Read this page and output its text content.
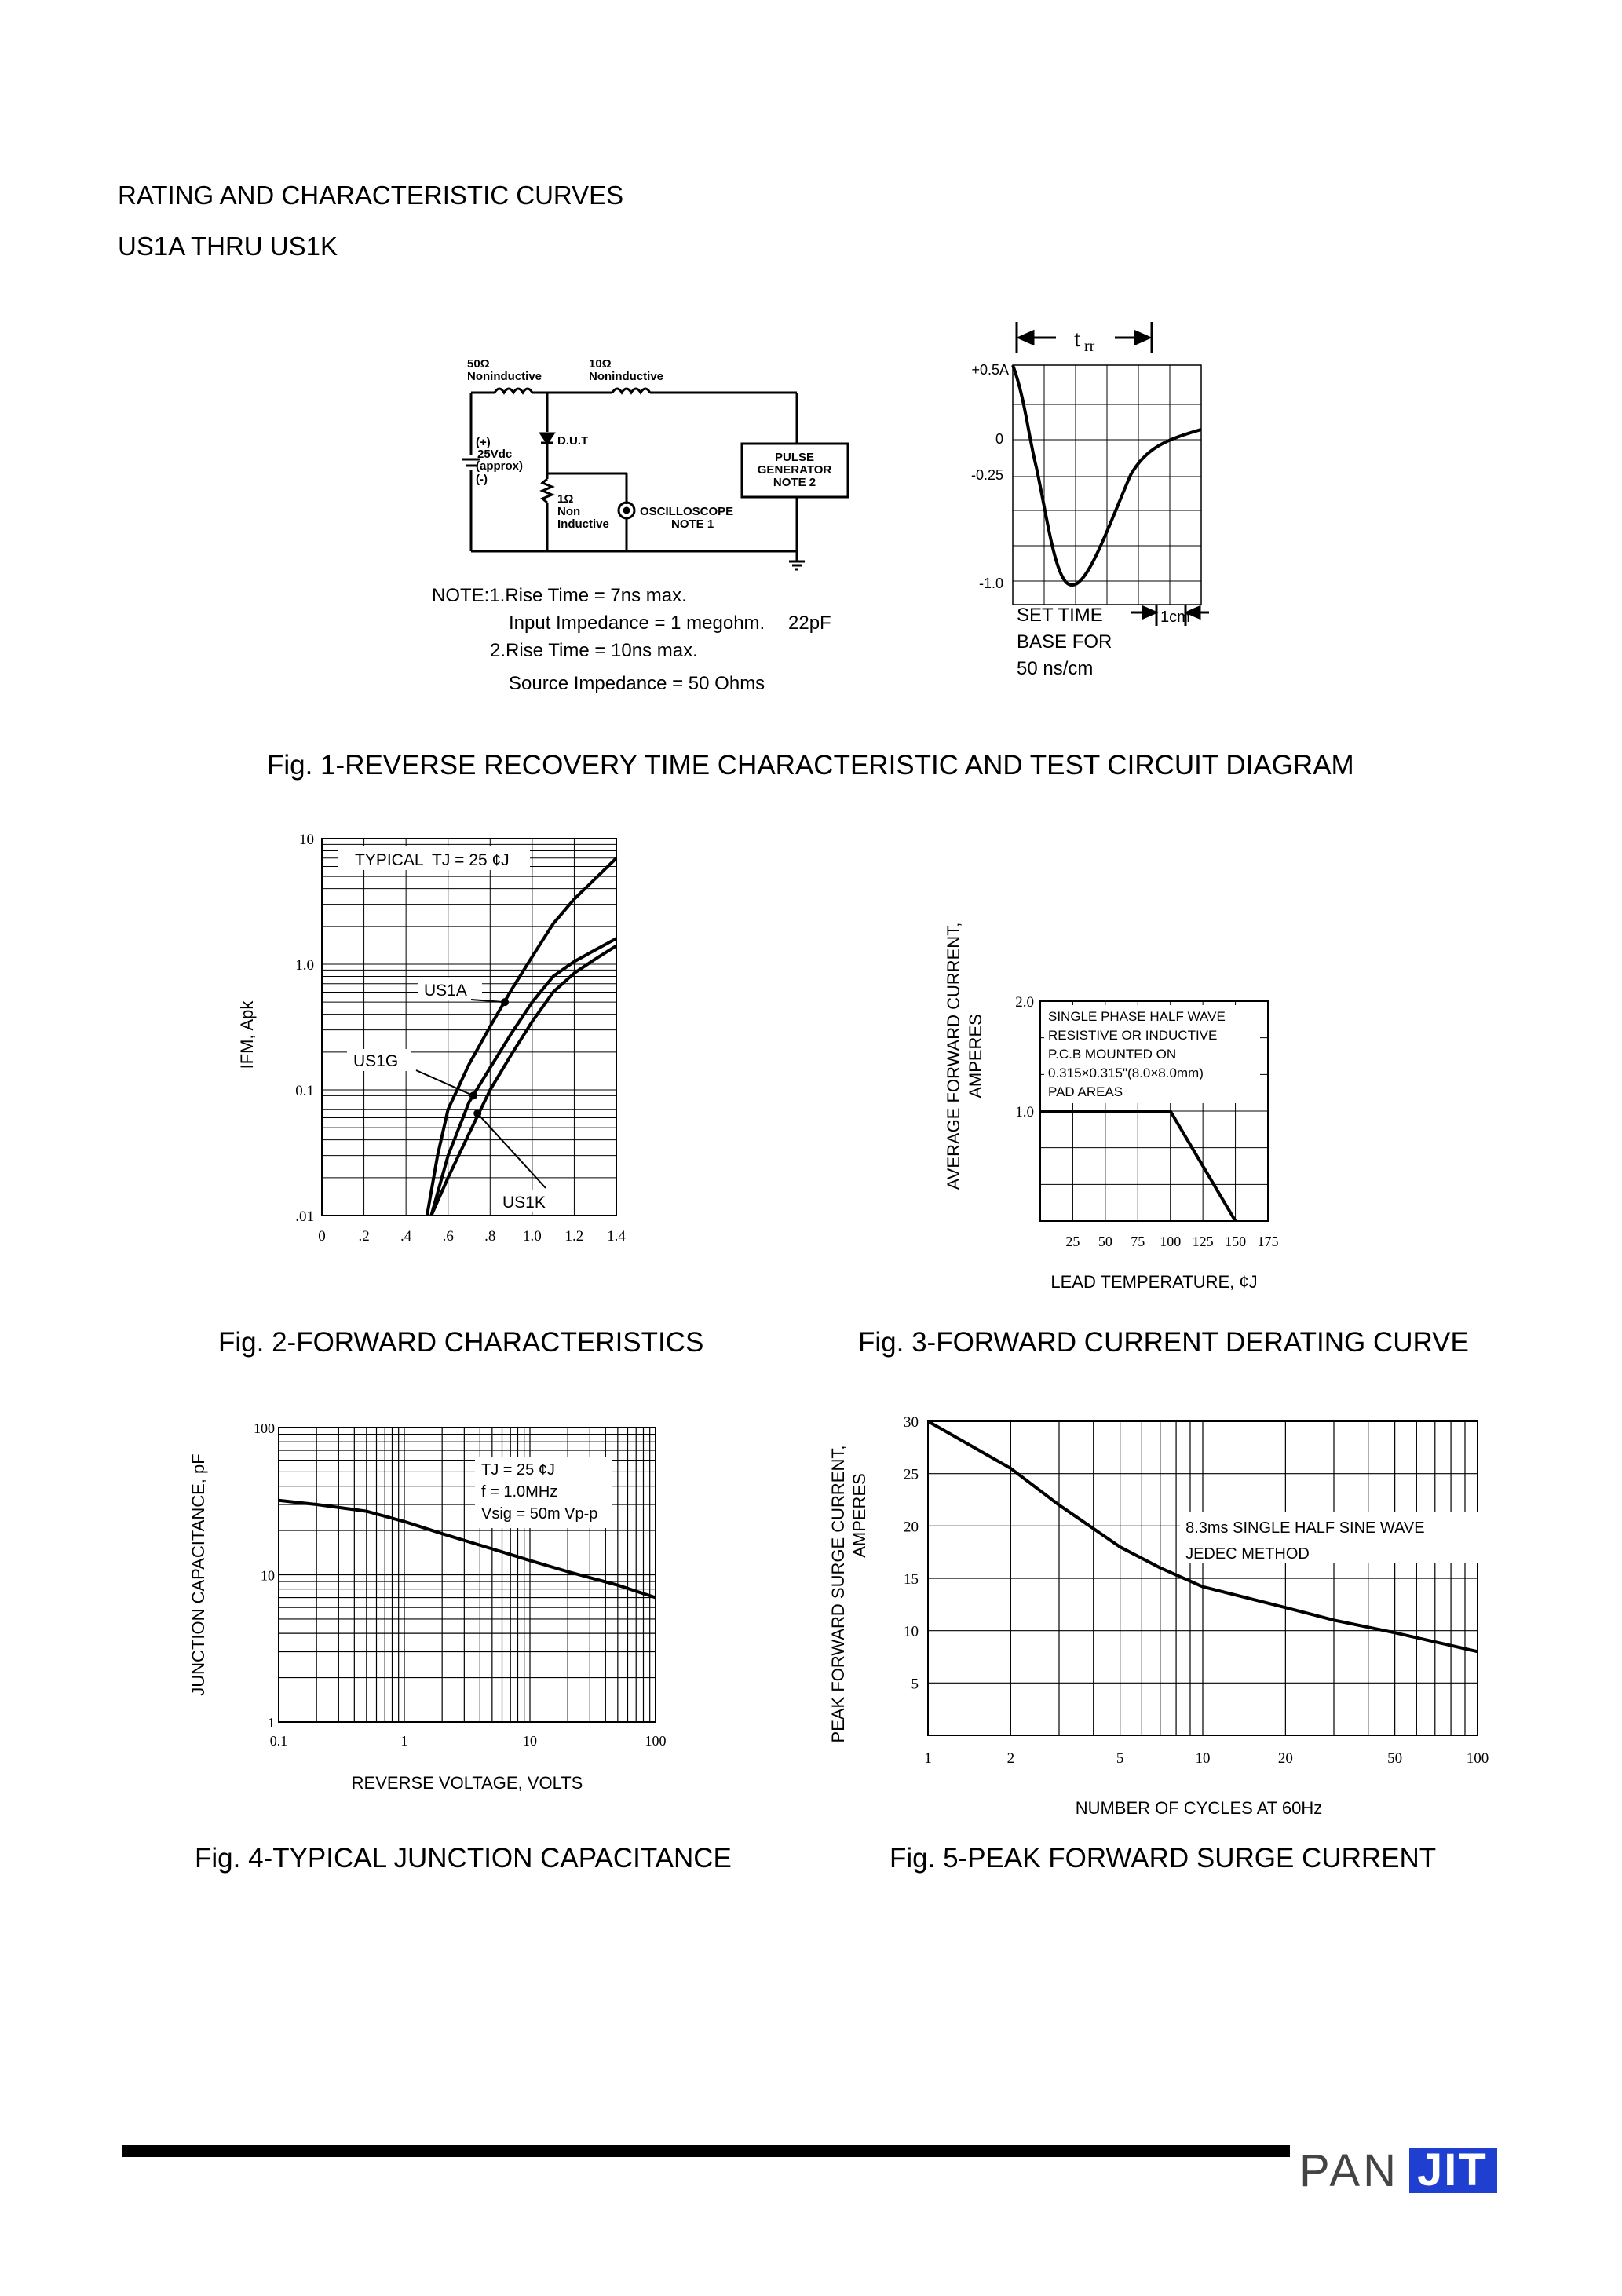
RATING AND CHARACTERISTIC CURVES
US1A THRU US1K
50Ω
Noninductive
10Ω
Noninductive
(+)
25Vdc
(approx)
(-)
D.U.T
1Ω
Non
Inductive
OSCILLOSCOPE
NOTE 1
PULSE
GENERATOR
NOTE 2
NOTE:1.Rise Time = 7ns max.
Input Impedance = 1 megohm. 22pF
2.Rise Time = 10ns max.
Source Impedance = 50 Ohms
t rr
+0.5A
0
-0.25
-1.0
1cm
SET TIME
BASE FOR
50 ns/cm
Fig. 1-REVERSE RECOVERY TIME CHARACTERISTIC AND TEST CIRCUIT DIAGRAM
10
1.0
0.1
.01
0 .2 .4 .6 .8 1.0 1.2 1.4
TYPICAL TJ = 25 ¢J
IFM, Apk
US1A
US1G
US1K
Fig. 2-FORWARD CHARACTERISTICS
SINGLE PHASE HALF WAVE
RESISTIVE OR INDUCTIVE
P.C.B MOUNTED ON
0.315×0.315"(8.0×8.0mm)
PAD AREAS
2.0
1.0
25 50 75 100 125 150 175
LEAD TEMPERATURE, ¢J
AVERAGE FORWARD CURRENT, AMPERES
Fig. 3-FORWARD CURRENT DERATING CURVE
TJ = 25 ¢J
f = 1.0MHz
Vsig = 50m Vp-p
100
10
1
0.1	1	10	100
REVERSE VOLTAGE, VOLTS
JUNCTION CAPACITANCE, pF
Fig. 4-TYPICAL JUNCTION CAPACITANCE
8.3ms SINGLE HALF SINE WAVE
JEDEC METHOD
30
25
20
15
10
5
1	2	5	10	20	50	100
NUMBER OF CYCLES AT 60Hz
PEAK FORWARD SURGE CURRENT, AMPERES
Fig. 5-PEAK FORWARD SURGE CURRENT
PAN JIT
